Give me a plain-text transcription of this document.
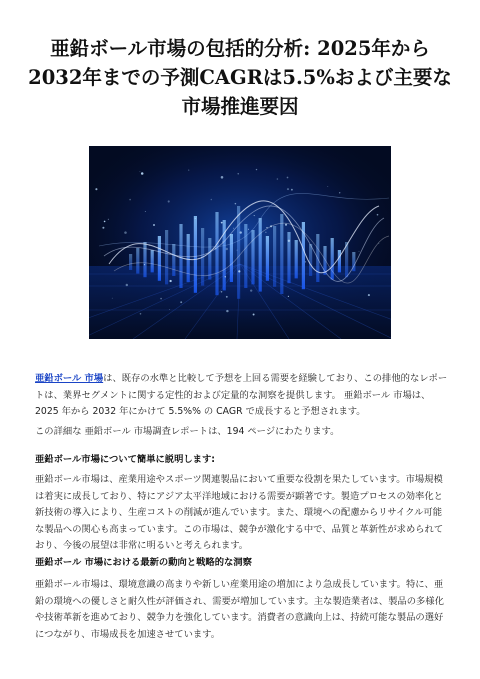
亜鉛ボール市場の包括的分析: 2025年から2032年までの予測CAGRは5.5%および主要な市場推進要因

亜鉛ボール 市場は、既存の水準と比較して予想を上回る需要を経験しており、この排他的なレポートは、業界セグメントに関する定性的および定量的な洞察を提供します。 亜鉛ボール 市場は、2025 年から 2032 年にかけて 5.5%% の CAGR で成長すると予想されます。

この詳細な 亜鉛ボール 市場調査レポートは、194 ページにわたります。

亜鉛ボール市場について簡単に説明します:

亜鉛ボール市場は、産業用途やスポーツ関連製品において重要な役割を果たしています。市場規模は着実に成長しており、特にアジア太平洋地域における需要が顕著です。製造プロセスの効率化と新技術の導入により、生産コストの削減が進んでいます。また、環境への配慮からリサイクル可能な製品への関心も高まっています。この市場は、競争が激化する中で、品質と革新性が求められており、今後の展望は非常に明るいと考えられます。

亜鉛ボール 市場における最新の動向と戦略的な洞察

亜鉛ボール市場は、環境意識の高まりや新しい産業用途の増加により急成長しています。特に、亜鉛の環境への優しさと耐久性が評価され、需要が増加しています。主な製造業者は、製品の多様化や技術革新を進めており、競争力を強化しています。消費者の意識向上は、持続可能な製品の選好につながり、市場成長を加速させています。
